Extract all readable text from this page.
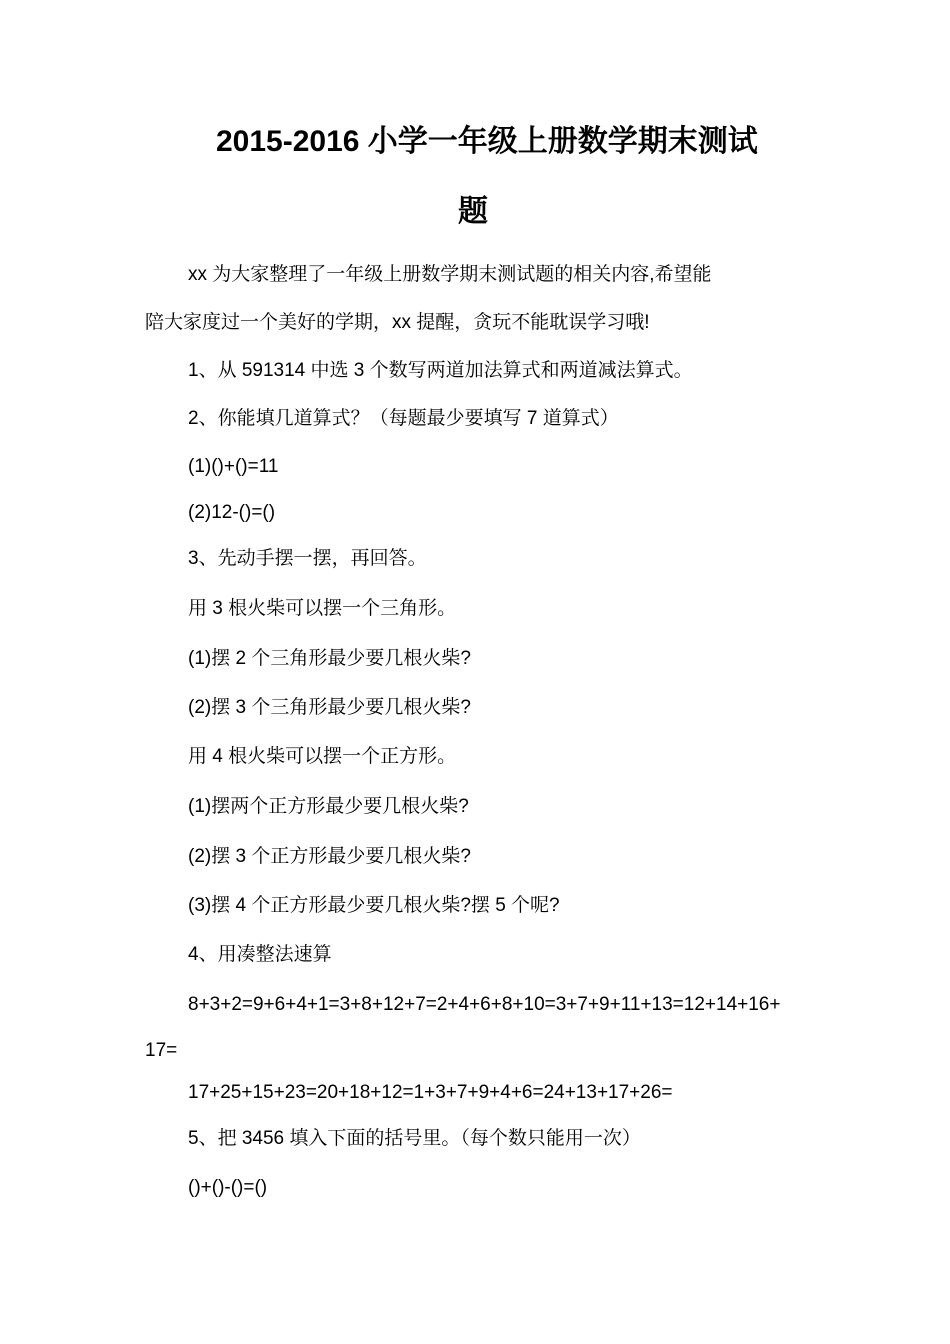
2015-2016 小学一年级上册数学期末测试
题

xx 为大家整理了一年级上册数学期末测试题的相关内容,希望能

陪大家度过一个美好的学期，xx 提醒，贪玩不能耽误学习哦!

1、从 591314 中选 3 个数写两道加法算式和两道减法算式。

2、你能填几道算式？（每题最少要填写 7 道算式）

(1)()+()=11

(2)12-()=()

3、先动手摆一摆，再回答。

用 3 根火柴可以摆一个三角形。

(1)摆 2 个三角形最少要几根火柴?

(2)摆 3 个三角形最少要几根火柴?

用 4 根火柴可以摆一个正方形。

(1)摆两个正方形最少要几根火柴?

(2)摆 3 个正方形最少要几根火柴?

(3)摆 4 个正方形最少要几根火柴?摆 5 个呢?

4、用凑整法速算

8+3+2=9+6+4+1=3+8+12+7=2+4+6+8+10=3+7+9+11+13=12+14+16+

17=

17+25+15+23=20+18+12=1+3+7+9+4+6=24+13+17+26=

5、把 3456 填入下面的括号里。（每个数只能用一次）

()+()-()=()
